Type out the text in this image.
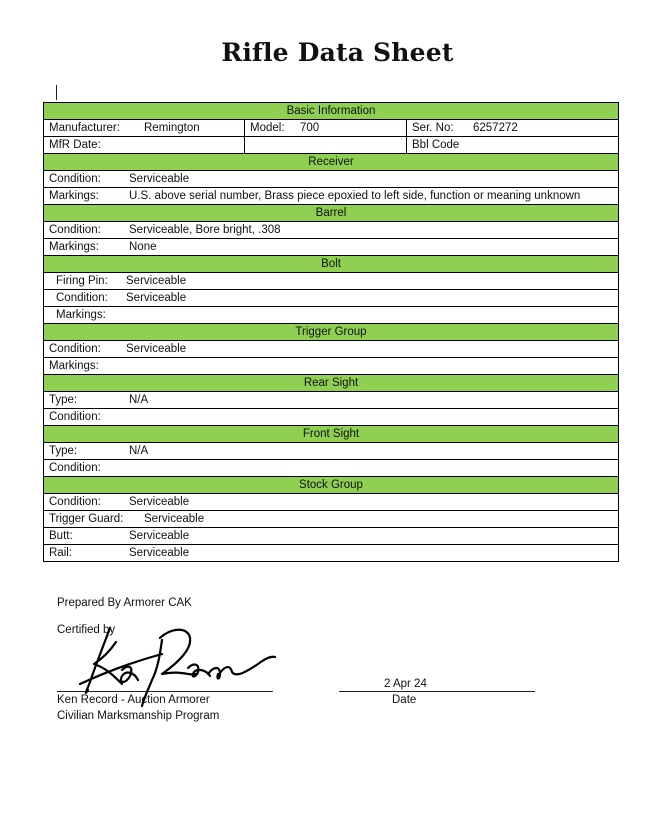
Rifle Data Sheet
Basic Information		
Manufacturer: Remington	Model: 700	Ser. No: 6257272
MfR Date:		Bbl Code
Receiver		
Condition: Serviceable		
Markings: U.S. above serial number, Brass piece epoxied to left side, function or meaning unknown		
Barrel		
Condition: Serviceable, Bore bright, .308		
Markings: None		
Bolt		
Firing Pin: Serviceable		
Condition: Serviceable		
Markings:		
Trigger Group		
Condition: Serviceable		
Markings:		
Rear Sight		
Type: N/A		
Condition:		
Front Sight		
Type: N/A		
Condition:		
Stock Group		
Condition: Serviceable		
Trigger Guard: Serviceable		
Butt: Serviceable		
Rail: Serviceable		
Prepared By Armorer CAK
Certified by
2 Apr 24
Ken Record - Auction Armorer	Date
Civilian Marksmanship Program
